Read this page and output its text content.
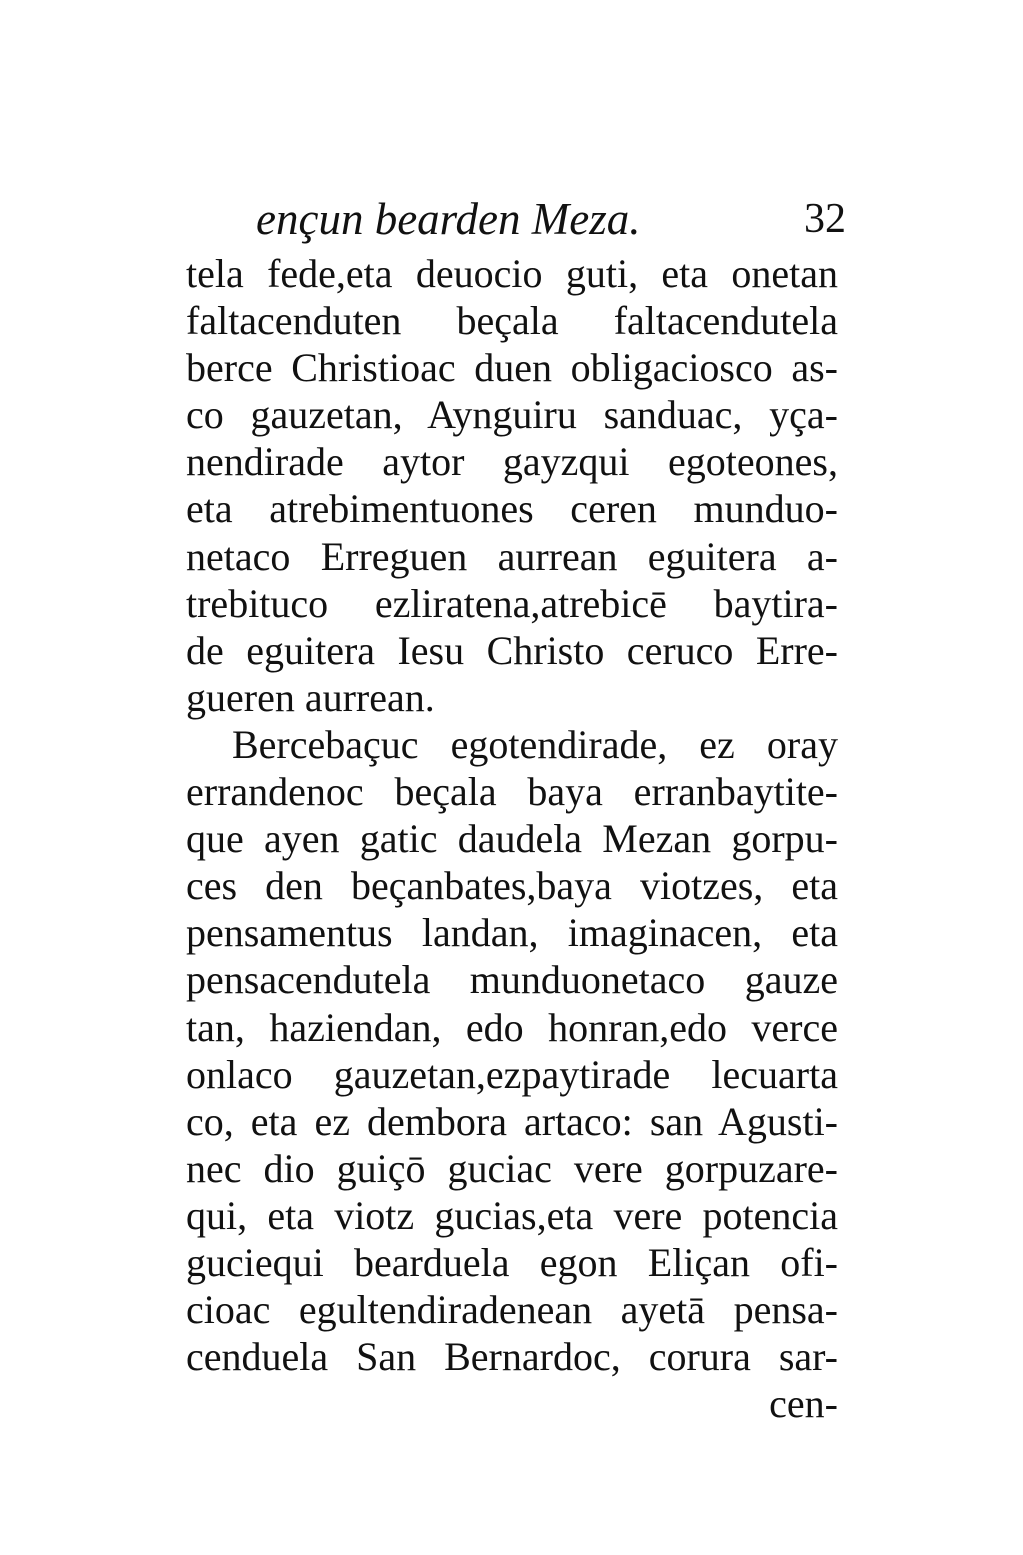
ençun bearden Meza.	32
tela fede,eta deuocio guti, eta onetan
faltacenduten beçala faltacendutela
berce Christioac duen obligaciosco as-
co gauzetan, Aynguiru sanduac, yça-
nendirade aytor gayzqui egoteones,
eta atrebimentuones ceren munduo-
netaco Erreguen aurrean eguitera a-
trebituco ezliratena,atrebicē baytira-
de eguitera Iesu Christo ceruco Erre-
gueren aurrean.
Bercebaçuc egotendirade, ez oray
errandenoc beçala baya erranbaytite-
que ayen gatic daudela Mezan gorpu-
ces den beçanbates,baya viotzes, eta
pensamentus landan, imaginacen, eta
pensacendutela munduonetaco gauze
tan, haziendan, edo honran,edo verce
onlaco gauzetan,ezpaytirade lecuarta
co, eta ez dembora artaco: san Agusti-
nec dio guiçō guciac vere gorpuzare-
qui, eta viotz gucias,eta vere potencia
guciequi bearduela egon Eliçan ofi-
cioac egultendiradenean ayetā pensa-
cenduela San Bernardoc, corura sar-
cen-
